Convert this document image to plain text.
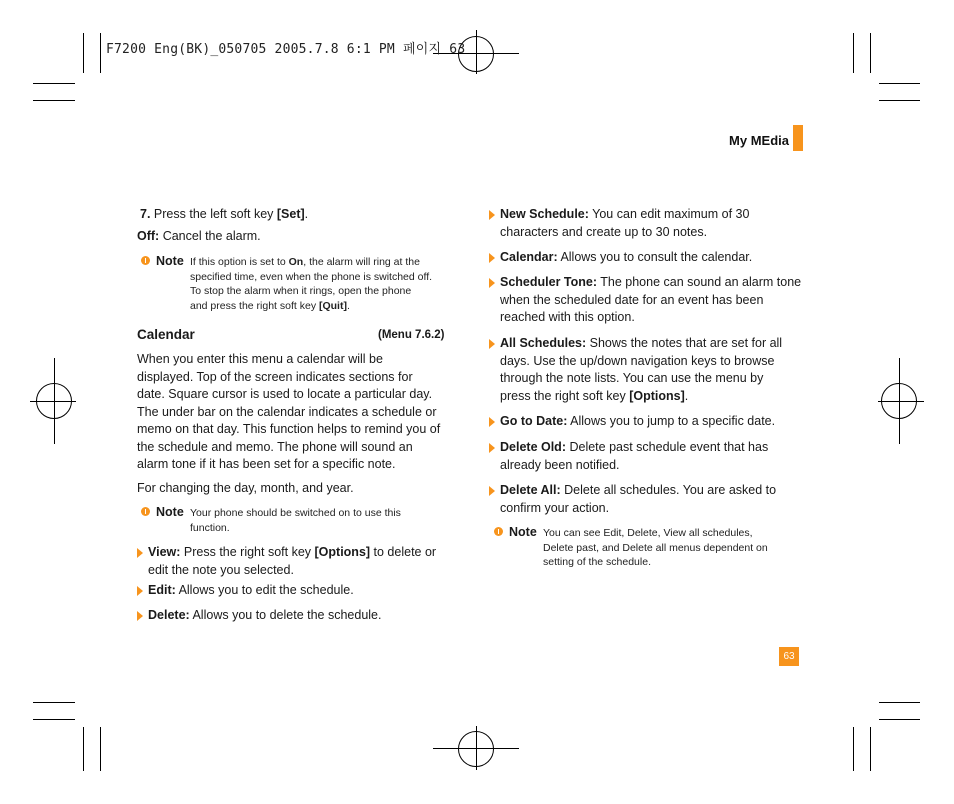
F7200 Eng(BK)_050705 2005.7.8 6:1 PM 페이지 63
My MEdia
7. Press the left soft key [Set].
Off: Cancel the alarm.
Note If this option is set to On, the alarm will ring at the
specified time, even when the phone is switched off.
To stop the alarm when it rings, open the phone
and press the right soft key [Quit].
Calendar	(Menu 7.6.2)
When you enter this menu a calendar will be
displayed. Top of the screen indicates sections for
date. Square cursor is used to locate a particular day.
The under bar on the calendar indicates a schedule or
memo on that day. This function helps to remind you of
the schedule and memo. The phone will sound an
alarm tone if it has been set for a specific note.
For changing the day, month, and year.
Note Your phone should be switched on to use this
function.
View: Press the right soft key [Options] to delete or
edit the note you selected.
Edit: Allows you to edit the schedule.
Delete: Allows you to delete the schedule.
New Schedule: You can edit maximum of 30
characters and create up to 30 notes.
Calendar: Allows you to consult the calendar.
Scheduler Tone: The phone can sound an alarm tone
when the scheduled date for an event has been
reached with this option.
All Schedules: Shows the notes that are set for all
days. Use the up/down navigation keys to browse
through the note lists. You can use the menu by
press the right soft key [Options].
Go to Date: Allows you to jump to a specific date.
Delete Old: Delete past schedule event that has
already been notified.
Delete All: Delete all schedules. You are asked to
confirm your action.
Note You can see Edit, Delete, View all schedules,
Delete past, and Delete all menus dependent on
setting of the schedule.
63
